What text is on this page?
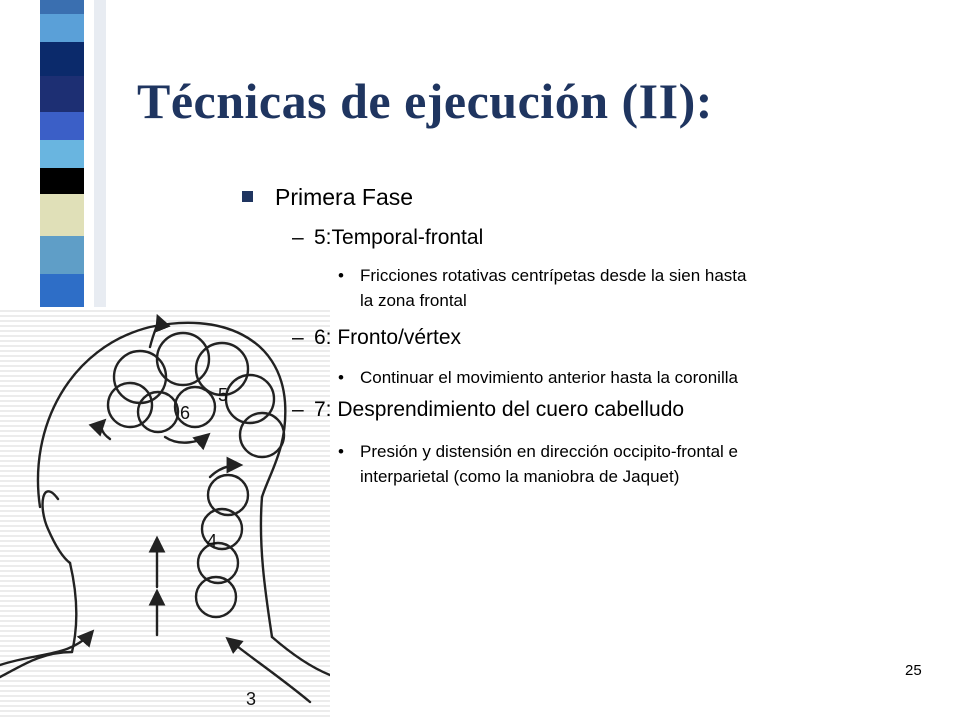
Técnicas de ejecución (II):
6
5
4
3
Primera Fase
– 5:Temporal-frontal
• Fricciones rotativas centrípetas desde la sien hasta
la zona frontal
– 6: Fronto/vértex
• Continuar el movimiento anterior hasta la coronilla
– 7: Desprendimiento del cuero cabelludo
• Presión y distensión en dirección occipito-frontal e
interparietal (como la maniobra de Jaquet)
25
